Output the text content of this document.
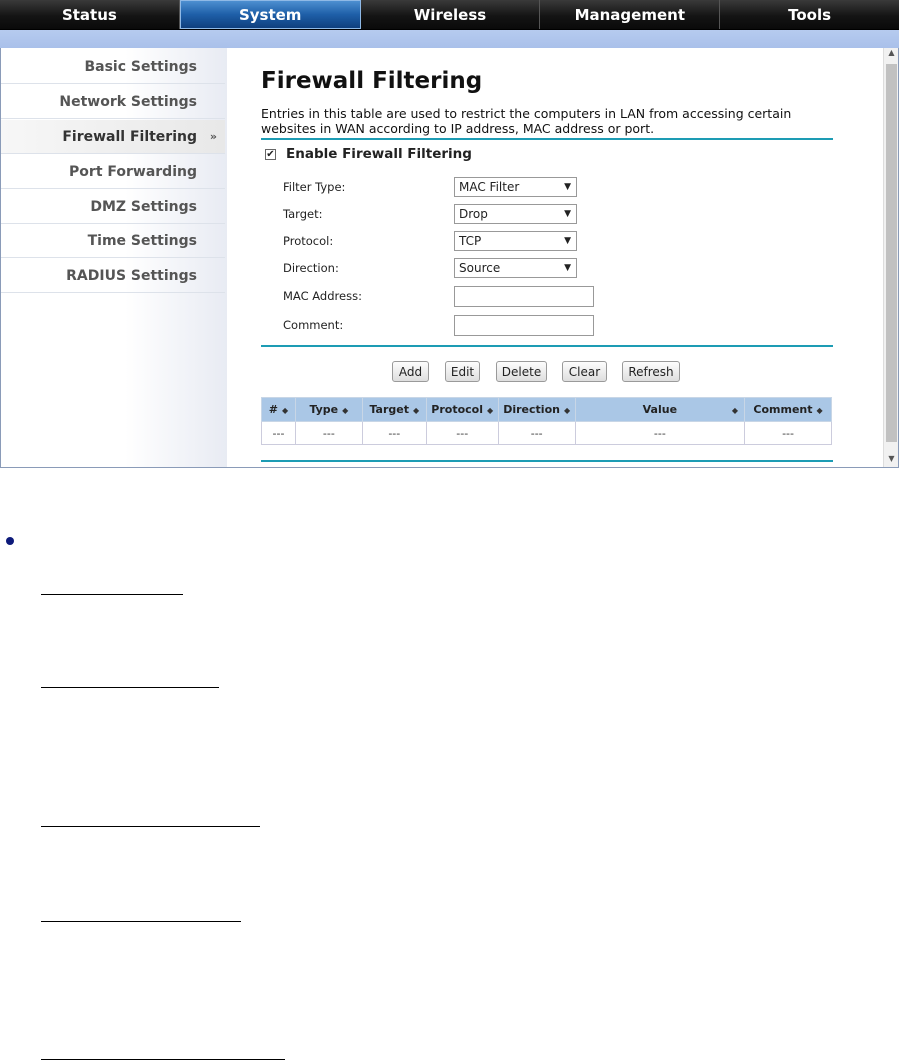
Status	System	Wireless	Management	Tools
Basic Settings
Network Settings
Firewall Filtering »
Port Forwarding
DMZ Settings
Time Settings
RADIUS Settings
Firewall Filtering
Entries in this table are used to restrict the computers in LAN from accessing certain websites in WAN according to IP address, MAC address or port.
✔ Enable Firewall Filtering
Filter Type:	MAC Filter	▼
Target:	Drop	▼
Protocol:	TCP	▼
Direction:	Source	▼
MAC Address:
Comment:
Add	Edit	Delete	Clear	Refresh
# ◆	Type ◆	Target ◆	Protocol ◆	Direction ◆	Value ◆	Comment ◆
---	---	---	---	---	---	---
▲
▼
